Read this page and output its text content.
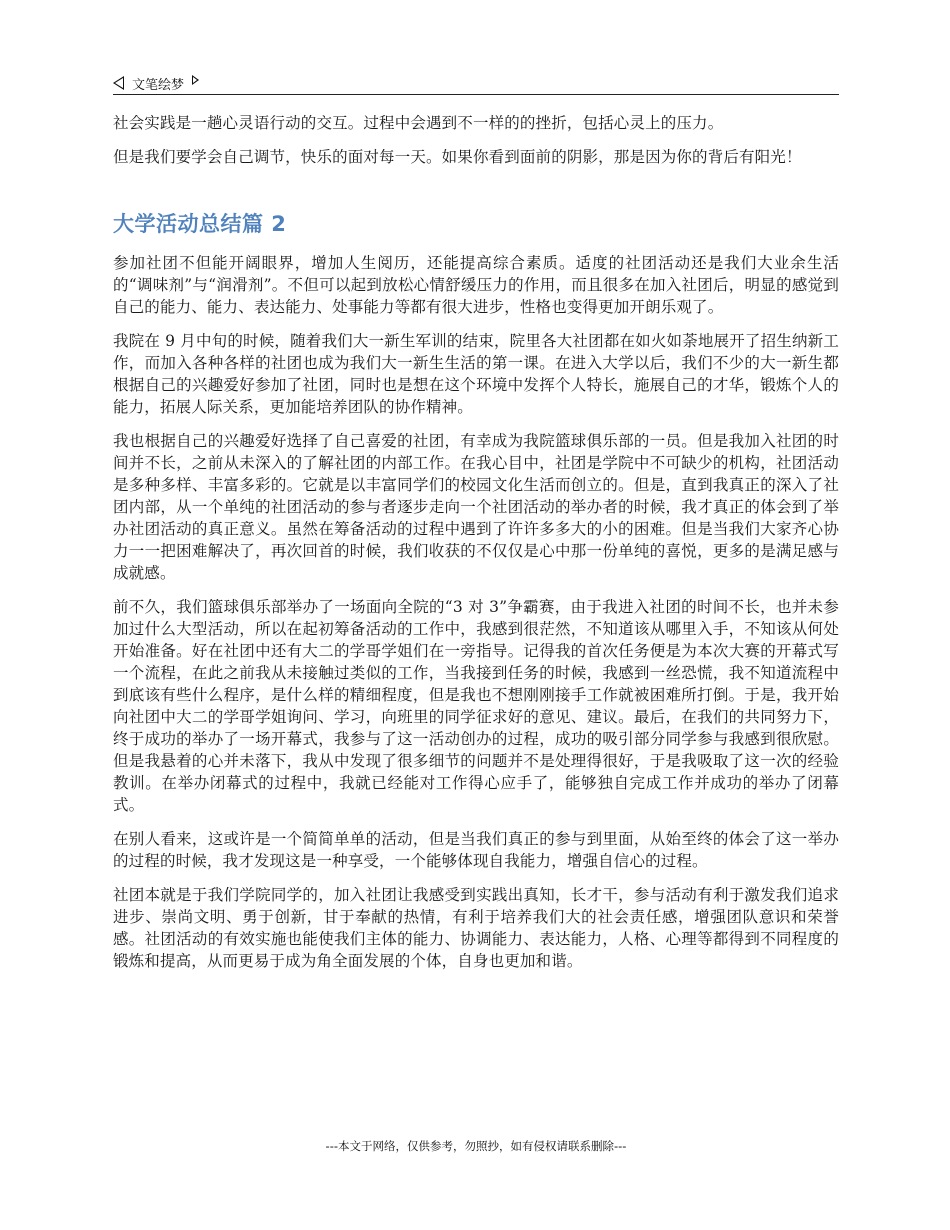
文笔绘梦

社会实践是一趟心灵语行动的交互。过程中会遇到不一样的的挫折，包括心灵上的压力。

但是我们要学会自己调节，快乐的面对每一天。如果你看到面前的阴影，那是因为你的背后有阳光！

大学活动总结篇 2

参加社团不但能开阔眼界，增加人生阅历，还能提高综合素质。适度的社团活动还是我们大业余生活的“调味剂”与“润滑剂”。不但可以起到放松心情舒缓压力的作用，而且很多在加入社团后，明显的感觉到自己的能力、能力、表达能力、处事能力等都有很大进步，性格也变得更加开朗乐观了。

我院在 9 月中旬的时候，随着我们大一新生军训的结束，院里各大社团都在如火如荼地展开了招生纳新工作，而加入各种各样的社团也成为我们大一新生生活的第一课。在进入大学以后，我们不少的大一新生都根据自己的兴趣爱好参加了社团，同时也是想在这个环境中发挥个人特长，施展自己的才华，锻炼个人的能力，拓展人际关系，更加能培养团队的协作精神。

我也根据自己的兴趣爱好选择了自己喜爱的社团，有幸成为我院篮球俱乐部的一员。但是我加入社团的时间并不长，之前从未深入的了解社团的内部工作。在我心目中，社团是学院中不可缺少的机构，社团活动是多种多样、丰富多彩的。它就是以丰富同学们的校园文化生活而创立的。但是，直到我真正的深入了社团内部，从一个单纯的社团活动的参与者逐步走向一个社团活动的举办者的时候，我才真正的体会到了举办社团活动的真正意义。虽然在筹备活动的过程中遇到了许许多多大的小的困难。但是当我们大家齐心协力一一把困难解决了，再次回首的时候，我们收获的不仅仅是心中那一份单纯的喜悦，更多的是满足感与成就感。

前不久，我们篮球俱乐部举办了一场面向全院的“3 对 3”争霸赛，由于我进入社团的时间不长，也并未参加过什么大型活动，所以在起初筹备活动的工作中，我感到很茫然，不知道该从哪里入手，不知该从何处开始准备。好在社团中还有大二的学哥学姐们在一旁指导。记得我的首次任务便是为本次大赛的开幕式写一个流程，在此之前我从未接触过类似的工作，当我接到任务的时候，我感到一丝恐慌，我不知道流程中到底该有些什么程序，是什么样的精细程度，但是我也不想刚刚接手工作就被困难所打倒。于是，我开始向社团中大二的学哥学姐询问、学习，向班里的同学征求好的意见、建议。最后，在我们的共同努力下，终于成功的举办了一场开幕式，我参与了这一活动创办的过程，成功的吸引部分同学参与我感到很欣慰。但是我悬着的心并未落下，我从中发现了很多细节的问题并不是处理得很好，于是我吸取了这一次的经验教训。在举办闭幕式的过程中，我就已经能对工作得心应手了，能够独自完成工作并成功的举办了闭幕式。

在别人看来，这或许是一个简简单单的活动，但是当我们真正的参与到里面，从始至终的体会了这一举办的过程的时候，我才发现这是一种享受，一个能够体现自我能力，增强自信心的过程。

社团本就是于我们学院同学的，加入社团让我感受到实践出真知，长才干，参与活动有利于激发我们追求进步、崇尚文明、勇于创新，甘于奉献的热情，有利于培养我们大的社会责任感，增强团队意识和荣誉感。社团活动的有效实施也能使我们主体的能力、协调能力、表达能力，人格、心理等都得到不同程度的锻炼和提高，从而更易于成为角全面发展的个体，自身也更加和谐。

---本文于网络，仅供参考，勿照抄，如有侵权请联系删除---
